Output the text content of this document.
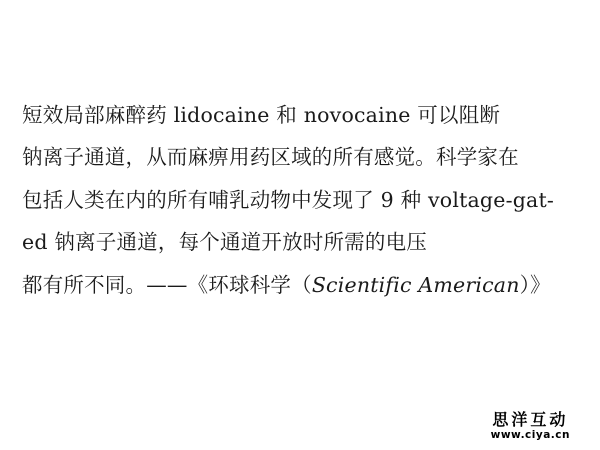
短效局部麻醉药 lidocaine 和 novocaine 可以阻断
钠离子通道，从而麻痹用药区域的所有感觉。科学家在
包括人类在内的所有哺乳动物中发现了 9 种 voltage-gat-
ed 钠离子通道，每个通道开放时所需的电压
都有所不同。——《环球科学（Scientific American）》
思洋互动
www.ciya.cn
